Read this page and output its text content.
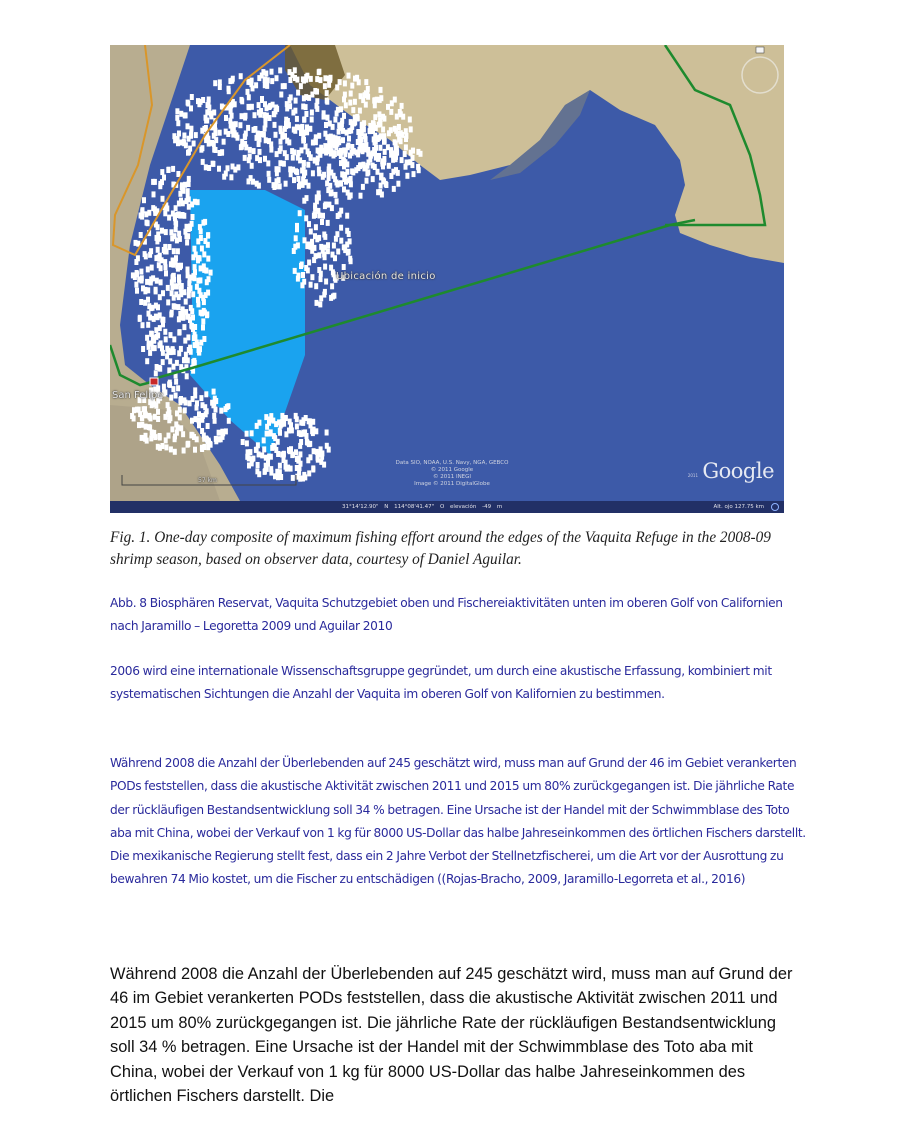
Ubicación de inicio
San Felipe
57 km
Data SIO, NOAA, U.S. Navy, NGA, GEBCO
© 2011 Google
© 2011 INEGI
Image © 2011 DigitalGlobe
2011 Google
31°14'12.90" N 114°08'41.47" O elevación -49 m	Alt. ojo 127.75 km
Fig. 1. One-day composite of maximum fishing effort around the edges of the Vaquita Refuge in the 2008-09 shrimp season, based on observer data, courtesy of Daniel Aguilar.
Abb. 8 Biosphären Reservat, Vaquita Schutzgebiet oben und Fischereiaktivitäten unten im oberen Golf von Californien nach Jaramillo – Legoretta 2009 und Aguilar 2010
2006 wird eine internationale Wissenschaftsgruppe gegründet, um durch eine akustische Erfassung, kombiniert mit systematischen Sichtungen die Anzahl der Vaquita im oberen Golf von Kalifornien zu bestimmen.
Während 2008 die Anzahl der Überlebenden auf 245 geschätzt wird, muss man auf Grund der 46 im Gebiet verankerten PODs feststellen, dass die akustische Aktivität zwischen 2011 und 2015 um 80% zurückgegangen ist. Die jährliche Rate der rückläufigen Bestandsentwicklung soll 34 % betragen. Eine Ursache ist der Handel mit der Schwimmblase des Toto aba mit China, wobei der Verkauf von 1 kg für 8000 US-Dollar das halbe Jahreseinkommen des örtlichen Fischers darstellt. Die mexikanische Regierung stellt fest, dass ein 2 Jahre Verbot der Stellnetzfischerei, um die Art vor der Ausrottung zu bewahren 74 Mio kostet, um die Fischer zu entschädigen ((Rojas-Bracho, 2009, Jaramillo-Legorreta et al., 2016)
Während 2008 die Anzahl der Überlebenden auf 245 geschätzt wird, muss man auf Grund der 46 im Gebiet verankerten PODs feststellen, dass die akustische Aktivität zwischen 2011 und 2015 um 80% zurückgegangen ist. Die jährliche Rate der rückläufigen Bestandsentwicklung soll 34 % betragen. Eine Ursache ist der Handel mit der Schwimmblase des Toto aba mit China, wobei der Verkauf von 1 kg für 8000 US-Dollar das halbe Jahreseinkommen des örtlichen Fischers darstellt. Die
